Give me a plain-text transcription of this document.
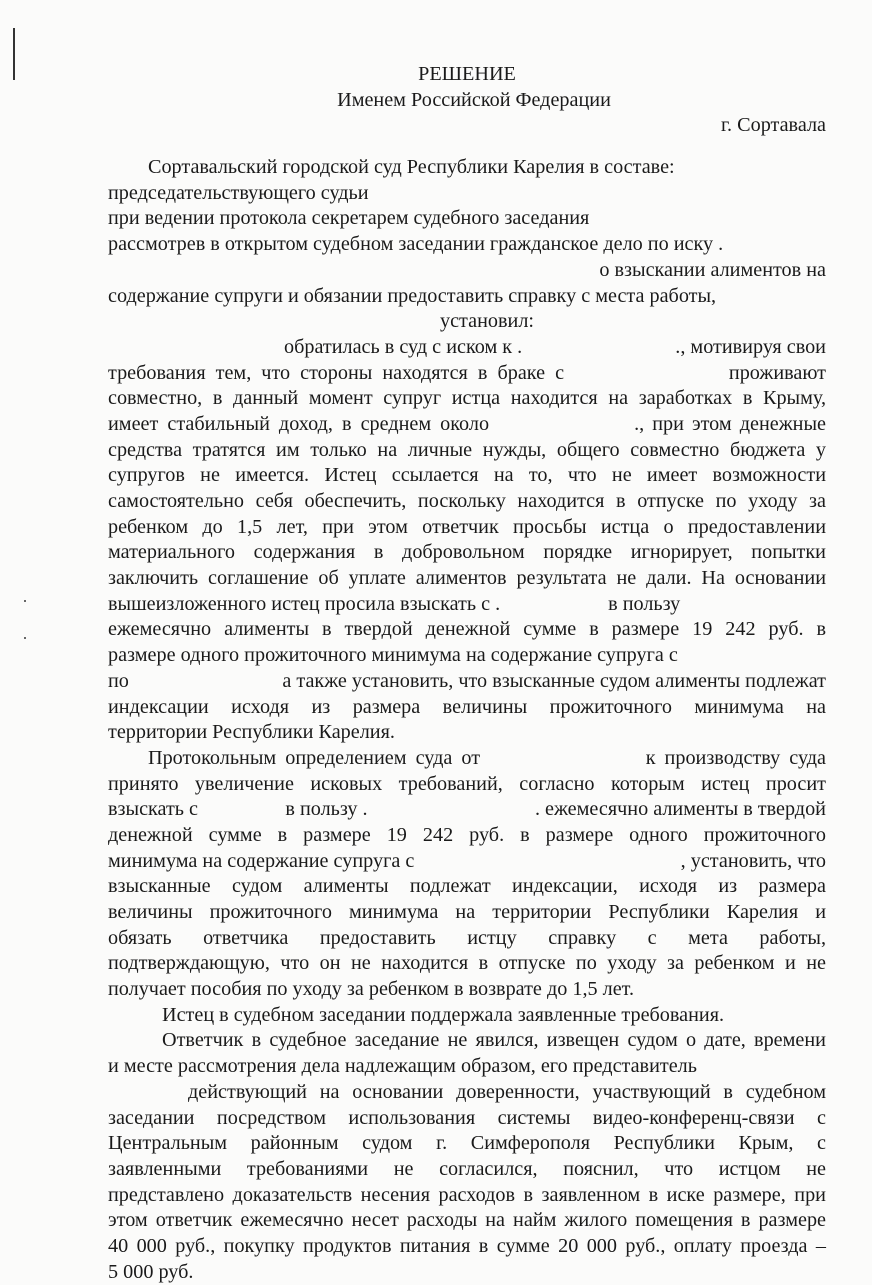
РЕШЕНИЕ
Именем Российской Федерации
г. Сортавала
Сортавальский городской суд Республики Карелия в составе:
председательствующего судьи
при ведении протокола секретарем судебного заседания
рассмотрев в открытом судебном заседании гражданское дело по иску .
о взыскании алиментов на
содержание супруги и обязании предоставить справку с места работы,
установил:
обратилась в суд с иском к .	., мотивируя свои
требования тем, что стороны находятся в браке с	проживают
совместно, в данный момент супруг истца находится на заработках в Крыму,
имеет стабильный доход, в среднем около	., при этом денежные
средства тратятся им только на личные нужды, общего совместно бюджета у
супругов не имеется. Истец ссылается на то, что не имеет возможности
самостоятельно себя обеспечить, поскольку находится в отпуске по уходу за
ребенком до 1,5 лет, при этом ответчик просьбы истца о предоставлении
материального содержания в добровольном порядке игнорирует, попытки
заключить соглашение об уплате алиментов результата не дали. На основании
вышеизложенного истец просила взыскать с .	в пользу
ежемесячно алименты в твердой денежной сумме в размере 19 242 руб. в
размере одного прожиточного минимума на содержание супруга с
по	а также установить, что взысканные судом алименты подлежат
индексации исходя из размера величины прожиточного минимума на
территории Республики Карелия.
Протокольным определением суда от	к производству суда
принято увеличение исковых требований, согласно которым истец просит
взыскать с	в пользу .	. ежемесячно алименты в твердой
денежной сумме в размере 19 242 руб. в размере одного прожиточного
минимума на содержание супруга с	, установить, что
взысканные судом алименты подлежат индексации, исходя из размера
величины прожиточного минимума на территории Республики Карелия и
обязать ответчика предоставить истцу справку с мета работы,
подтверждающую, что он не находится в отпуске по уходу за ребенком и не
получает пособия по уходу за ребенком в возврате до 1,5 лет.
Истец в судебном заседании поддержала заявленные требования.
Ответчик в судебное заседание не явился, извещен судом о дате, времени
и месте рассмотрения дела надлежащим образом, его представитель
действующий на основании доверенности, участвующий в судебном
заседании посредством использования системы видео-конференц-связи с
Центральным районным судом г. Симферополя Республики Крым, с
заявленными требованиями не согласился, пояснил, что истцом не
представлено доказательств несения расходов в заявленном в иске размере, при
этом ответчик ежемесячно несет расходы на найм жилого помещения в размере
40 000 руб., покупку продуктов питания в сумме 20 000 руб., оплату проезда –
5 000 руб.
